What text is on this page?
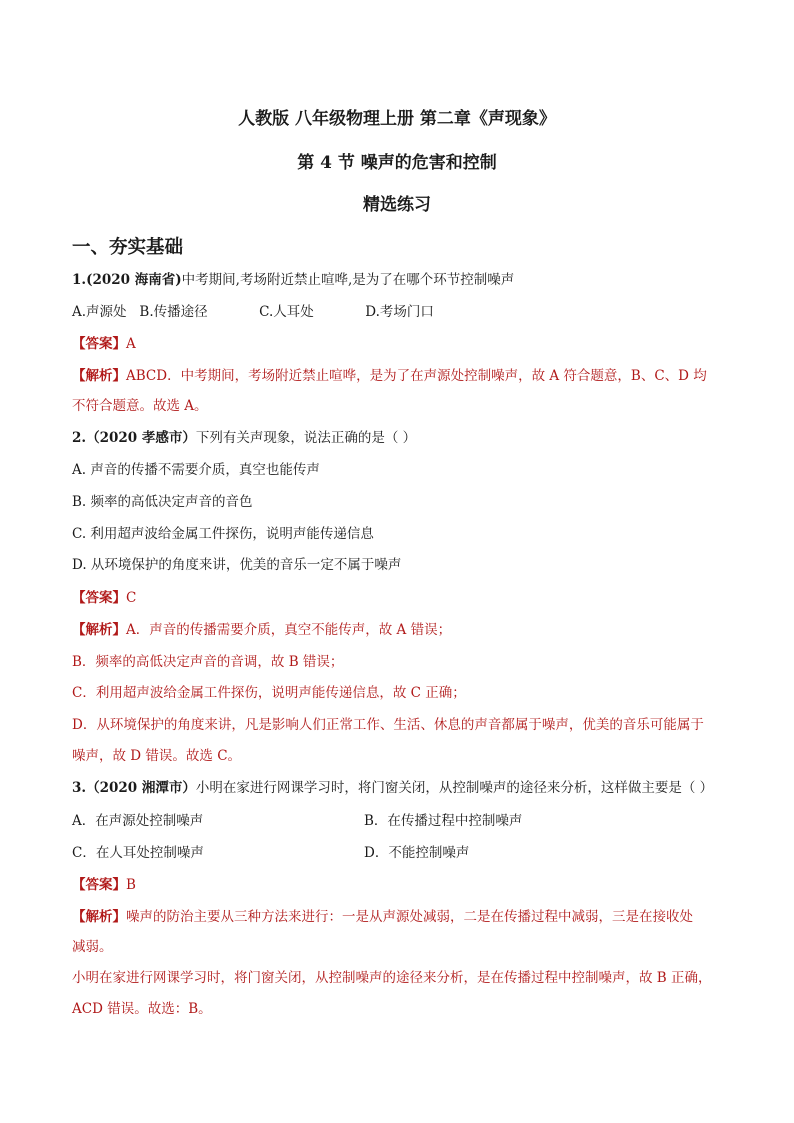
人教版 八年级物理上册 第二章《声现象》
第 4 节 噪声的危害和控制
精选练习
一、夯实基础
1.(2020 海南省)中考期间,考场附近禁止喧哗,是为了在哪个环节控制噪声
A.声源处   B.传播途径            C.人耳处            D.考场门口
【答案】A
【解析】ABCD．中考期间，考场附近禁止喧哗，是为了在声源处控制噪声，故 A 符合题意，B、C、D 均
不符合题意。故选 A。
2.（2020 孝感市）下列有关声现象，说法正确的是（ ）
A. 声音的传播不需要介质，真空也能传声
B. 频率的高低决定声音的音色
C. 利用超声波给金属工件探伤，说明声能传递信息
D. 从环境保护的角度来讲，优美的音乐一定不属于噪声
【答案】C
【解析】A．声音的传播需要介质，真空不能传声，故 A 错误；
B．频率的高低决定声音的音调，故 B 错误；
C．利用超声波给金属工件探伤，说明声能传递信息，故 C 正确；
D．从环境保护的角度来讲，凡是影响人们正常工作、生活、休息的声音都属于噪声，优美的音乐可能属于
噪声，故 D 错误。故选 C。
3.（2020 湘潭市）小明在家进行网课学习时，将门窗关闭，从控制噪声的途径来分析，这样做主要是（ ）
A．在声源处控制噪声	B．在传播过程中控制噪声
C．在人耳处控制噪声	D．不能控制噪声
【答案】B
【解析】噪声的防治主要从三种方法来进行：一是从声源处减弱，二是在传播过程中减弱，三是在接收处
减弱。
小明在家进行网课学习时，将门窗关闭，从控制噪声的途径来分析，是在传播过程中控制噪声，故 B 正确，
ACD 错误。故选：B。
